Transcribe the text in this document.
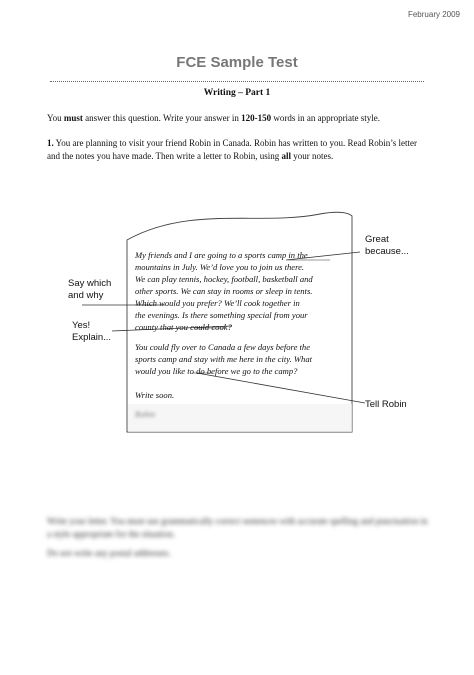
February 2009
FCE Sample Test
Writing – Part 1
You must answer this question. Write your answer in 120-150 words in an appropriate style.
1. You are planning to visit your friend Robin in Canada. Robin has written to you. Read Robin’s letter and the notes you have made. Then write a letter to Robin, using all your notes.
My friends and I are going to a sports camp in the
mountains in July. We’d love you to join us there.
We can play tennis, hockey, football, basketball and
other sports. We can stay in rooms or sleep in tents.
Which would you prefer? We’ll cook together in
the evenings. Is there something special from your
county that you could cook?
You could fly over to Canada a few days before the
sports camp and stay with me here in the city. What
would you like to do before we go to the camp?
Write soon.
Robin
Great
because...
Say which
and why
Yes!
Explain...
Tell Robin
Write your letter. You must use grammatically correct sentences with accurate spelling and punctuation in a style appropriate for the situation.
Do not write any postal addresses.
